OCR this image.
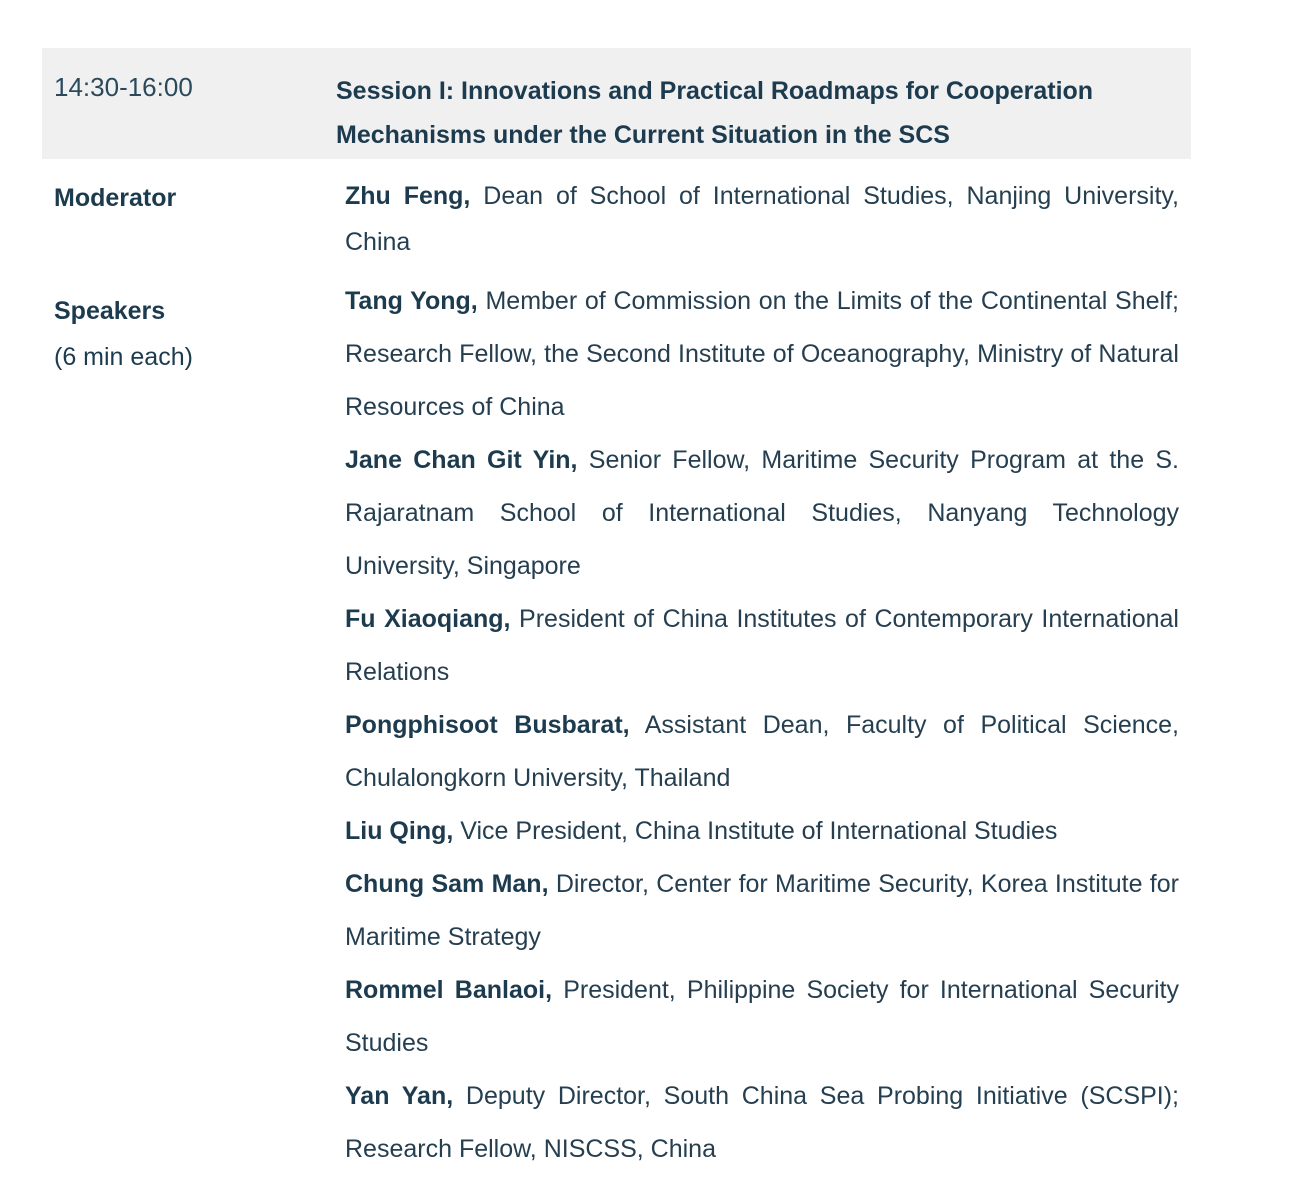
14:30-16:00	Session I: Innovations and Practical Roadmaps for Cooperation Mechanisms under the Current Situation in the SCS
Moderator	Zhu Feng, Dean of School of International Studies, Nanjing University, China

Speakers
(6 min each)

Tang Yong, Member of Commission on the Limits of the Continental Shelf; Research Fellow, the Second Institute of Oceanography, Ministry of Natural Resources of China

Jane Chan Git Yin, Senior Fellow, Maritime Security Program at the S. Rajaratnam School of International Studies, Nanyang Technology University, Singapore

Fu Xiaoqiang, President of China Institutes of Contemporary International Relations

Pongphisoot Busbarat, Assistant Dean, Faculty of Political Science, Chulalongkorn University, Thailand

Liu Qing, Vice President, China Institute of International Studies

Chung Sam Man, Director, Center for Maritime Security, Korea Institute for Maritime Strategy

Rommel Banlaoi, President, Philippine Society for International Security Studies

Yan Yan, Deputy Director, South China Sea Probing Initiative (SCSPI); Research Fellow, NISCSS, China
